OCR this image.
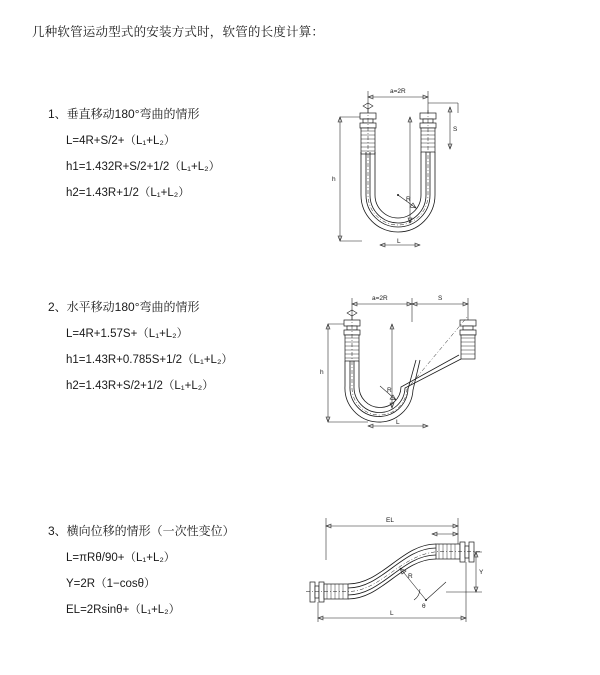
几种软管运动型式的安装方式时，软管的长度计算：
1、垂直移动180°弯曲的情形
L=4R+S/2+（L₁+L₂）
h1=1.432R+S/2+1/2（L₁+L₂）
h2=1.43R+1/2（L₁+L₂）
a=2R
S
h
R
L
2、水平移动180°弯曲的情形
L=4R+1.57S+（L₁+L₂）
h1=1.43R+0.785S+1/2（L₁+L₂）
h2=1.43R+S/2+1/2（L₁+L₂）
a=2R	S
h
R
L
3、横向位移的情形（一次性变位）
L=πRθ/90+（L₁+L₂）
Y=2R（1−cosθ）
EL=2Rsinθ+（L₁+L₂）
EL
Y
θ
R
L
